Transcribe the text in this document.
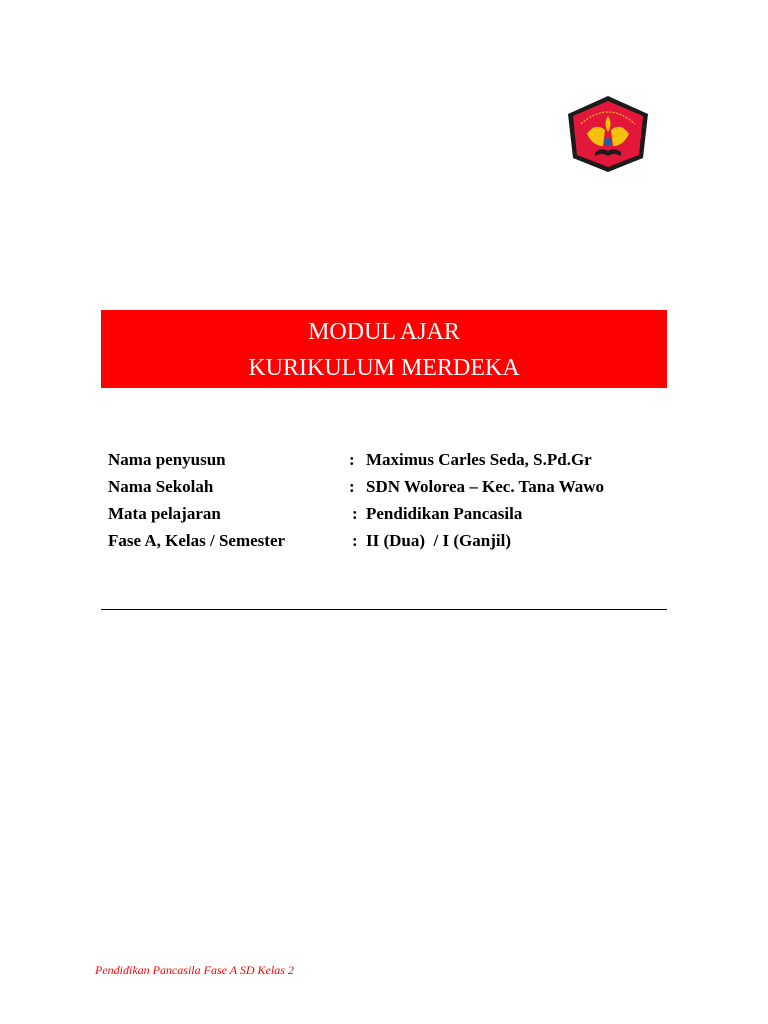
MODUL AJAR
KURIKULUM MERDEKA
Nama penyusun	: Maximus Carles Seda, S.Pd.Gr
Nama Sekolah	: SDN Wolorea – Kec. Tana Wawo
Mata pelajaran	: Pendidikan Pancasila
Fase A, Kelas / Semester	: II (Dua)  / I (Ganjil)
Pendidikan Pancasila Fase A SD Kelas 2
